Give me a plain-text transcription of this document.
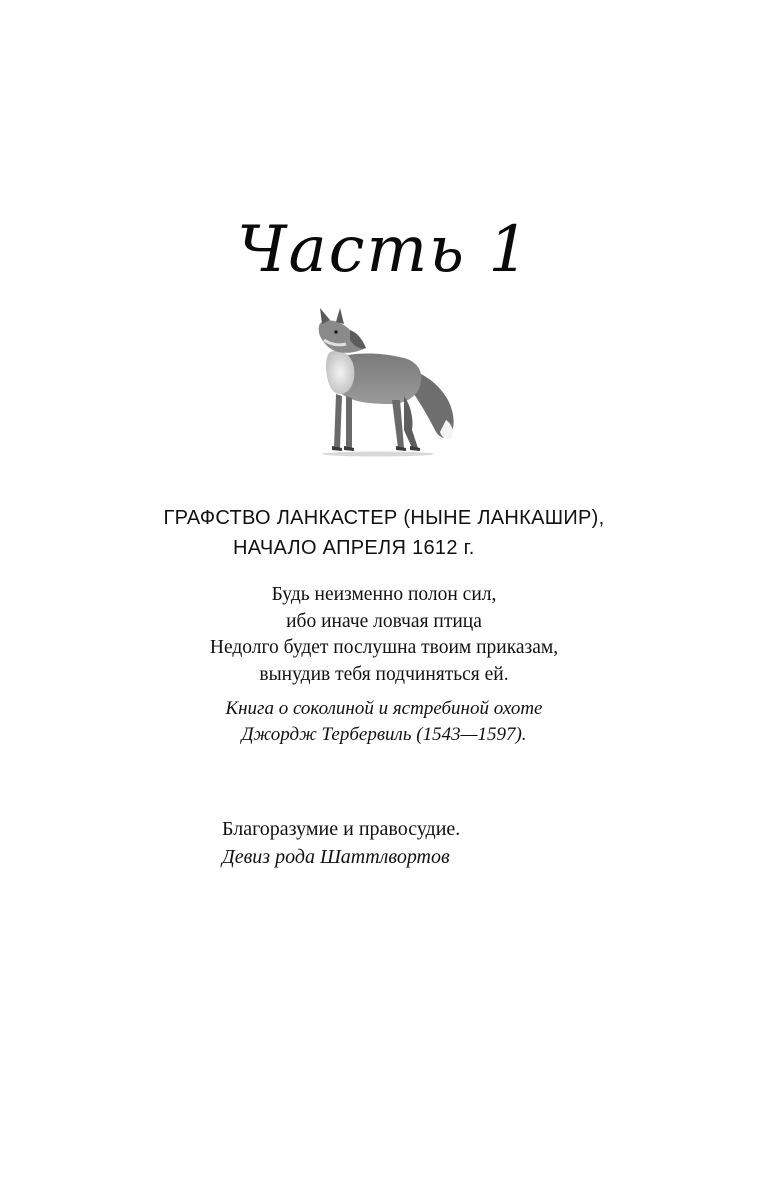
Часть 1
ГРАФСТВО ЛАНКАСТЕР (НЫНЕ ЛАНКАШИР),
НАЧАЛО АПРЕЛЯ 1612 г.
Будь неизменно полон сил,
ибо иначе ловчая птица
Недолго будет послушна твоим приказам,
вынудив тебя подчиняться ей.
Книга о соколиной и ястребиной охоте
Джордж Тербервиль (1543—1597).
Благоразумие и правосудие.
Девиз рода Шаттлвортов
